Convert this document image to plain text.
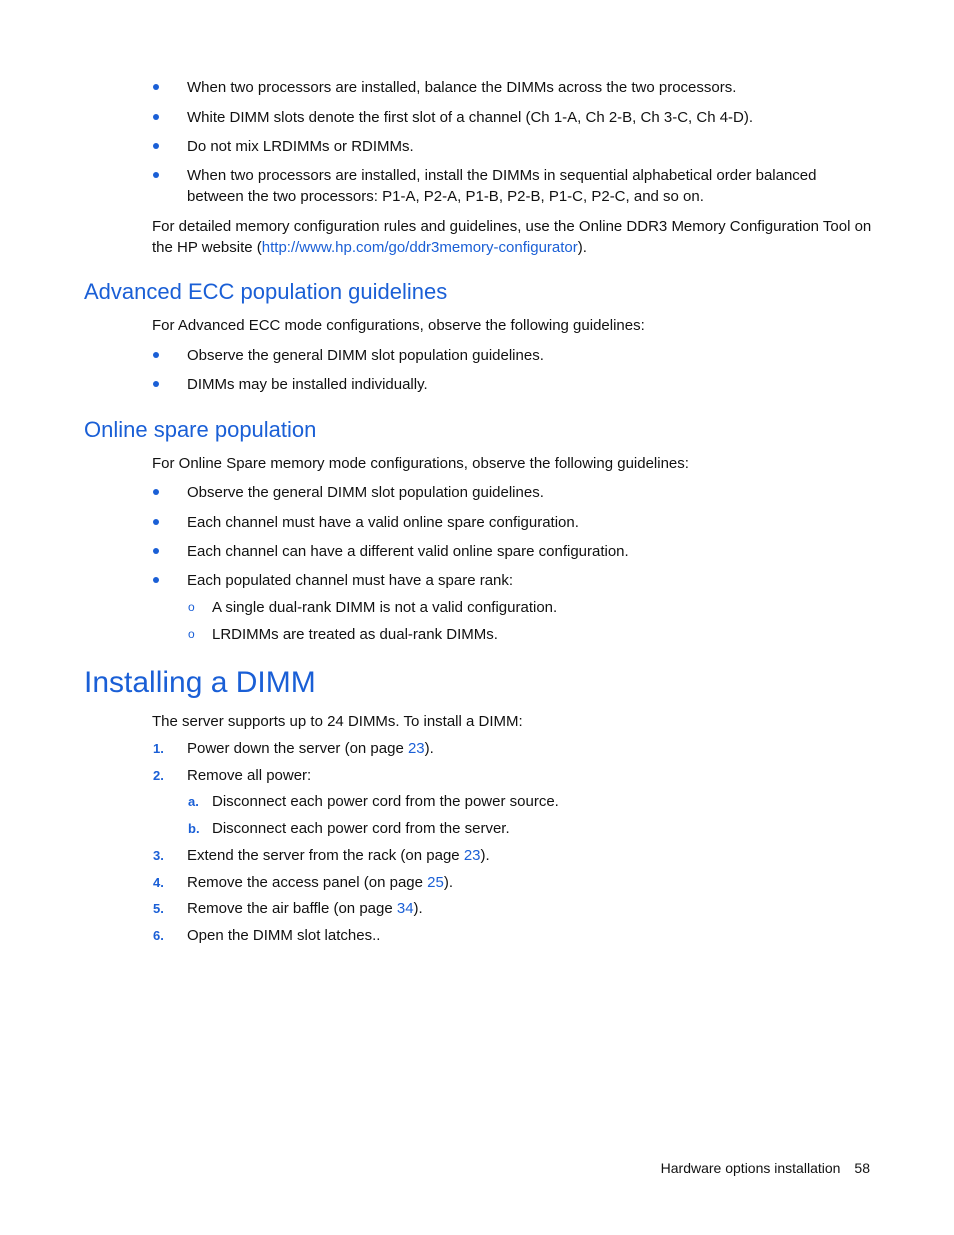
When two processors are installed, balance the DIMMs across the two processors.
White DIMM slots denote the first slot of a channel (Ch 1-A, Ch 2-B, Ch 3-C, Ch 4-D).
Do not mix LRDIMMs or RDIMMs.
When two processors are installed, install the DIMMs in sequential alphabetical order balanced between the two processors: P1-A, P2-A, P1-B, P2-B, P1-C, P2-C, and so on.
For detailed memory configuration rules and guidelines, use the Online DDR3 Memory Configuration Tool on the HP website (http://www.hp.com/go/ddr3memory-configurator).
Advanced ECC population guidelines
For Advanced ECC mode configurations, observe the following guidelines:
Observe the general DIMM slot population guidelines.
DIMMs may be installed individually.
Online spare population
For Online Spare memory mode configurations, observe the following guidelines:
Observe the general DIMM slot population guidelines.
Each channel must have a valid online spare configuration.
Each channel can have a different valid online spare configuration.
Each populated channel must have a spare rank:
o A single dual-rank DIMM is not a valid configuration.
o LRDIMMs are treated as dual-rank DIMMs.
Installing a DIMM
The server supports up to 24 DIMMs. To install a DIMM:
1. Power down the server (on page 23).
2. Remove all power:
a. Disconnect each power cord from the power source.
b. Disconnect each power cord from the server.
3. Extend the server from the rack (on page 23).
4. Remove the access panel (on page 25).
5. Remove the air baffle (on page 34).
6. Open the DIMM slot latches..
Hardware options installation 58
